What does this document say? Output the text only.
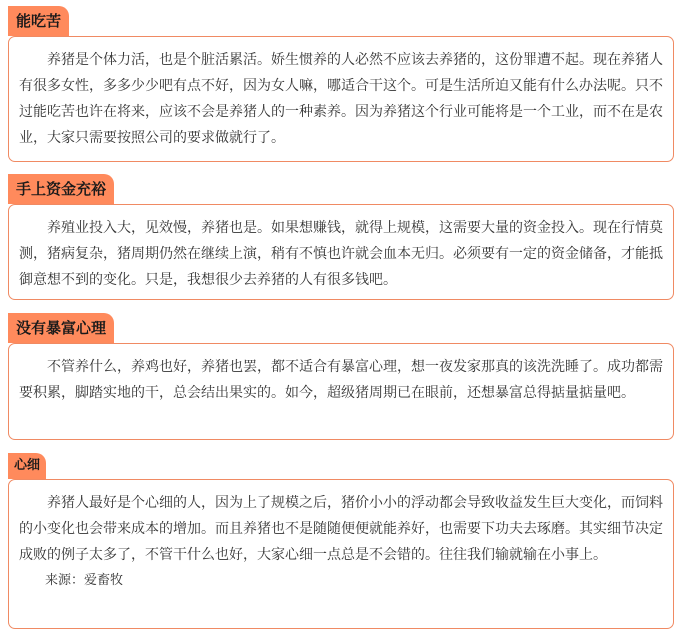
能吃苦

养猪是个体力活，也是个脏活累活。娇生惯养的人必然不应该去养猪的，这份罪遭不起。现在养猪人有很多女性，多多少少吧有点不好，因为女人嘛，哪适合干这个。可是生活所迫又能有什么办法呢。只不过能吃苦也许在将来，应该不会是养猪人的一种素养。因为养猪这个行业可能将是一个工业，而不在是农业，大家只需要按照公司的要求做就行了。

手上资金充裕

养殖业投入大，见效慢，养猪也是。如果想赚钱，就得上规模，这需要大量的资金投入。现在行情莫测，猪病复杂，猪周期仍然在继续上演，稍有不慎也许就会血本无归。必须要有一定的资金储备，才能抵御意想不到的变化。只是，我想很少去养猪的人有很多钱吧。

没有暴富心理

不管养什么，养鸡也好，养猪也罢，都不适合有暴富心理，想一夜发家那真的该洗洗睡了。成功都需要积累，脚踏实地的干，总会结出果实的。如今，超级猪周期已在眼前，还想暴富总得掂量掂量吧。

心细

养猪人最好是个心细的人，因为上了规模之后，猪价小小的浮动都会导致收益发生巨大变化，而饲料的小变化也会带来成本的增加。而且养猪也不是随随便便就能养好，也需要下功夫去琢磨。其实细节决定成败的例子太多了，不管干什么也好，大家心细一点总是不会错的。往往我们输就输在小事上。

来源：爱畜牧
